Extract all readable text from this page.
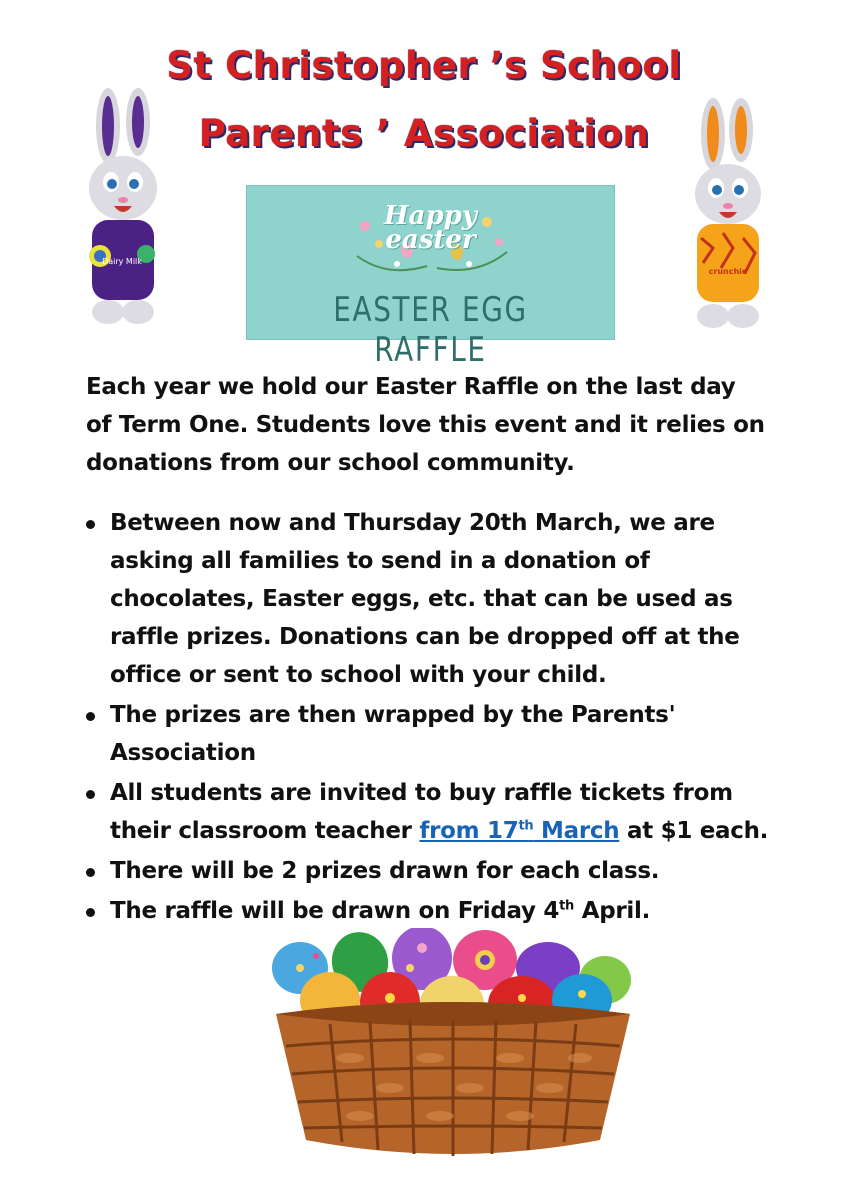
St Christopher ’s School
Parents ’ Association
Dairy Milk
Happy
easter
EASTER EGG RAFFLE
crunchie
Each year we hold our Easter Raffle on the last day of Term One. Students love this event and it relies on donations from our school community.
Between now and Thursday 20th March, we are asking all families to send in a donation of chocolates, Easter eggs, etc. that can be used as raffle prizes. Donations can be dropped off at the office or sent to school with your child.
The prizes are then wrapped by the Parents' Association
All students are invited to buy raffle tickets from their classroom teacher from 17th March at $1 each.
There will be 2 prizes drawn for each class.
The raffle will be drawn on Friday 4th April.
